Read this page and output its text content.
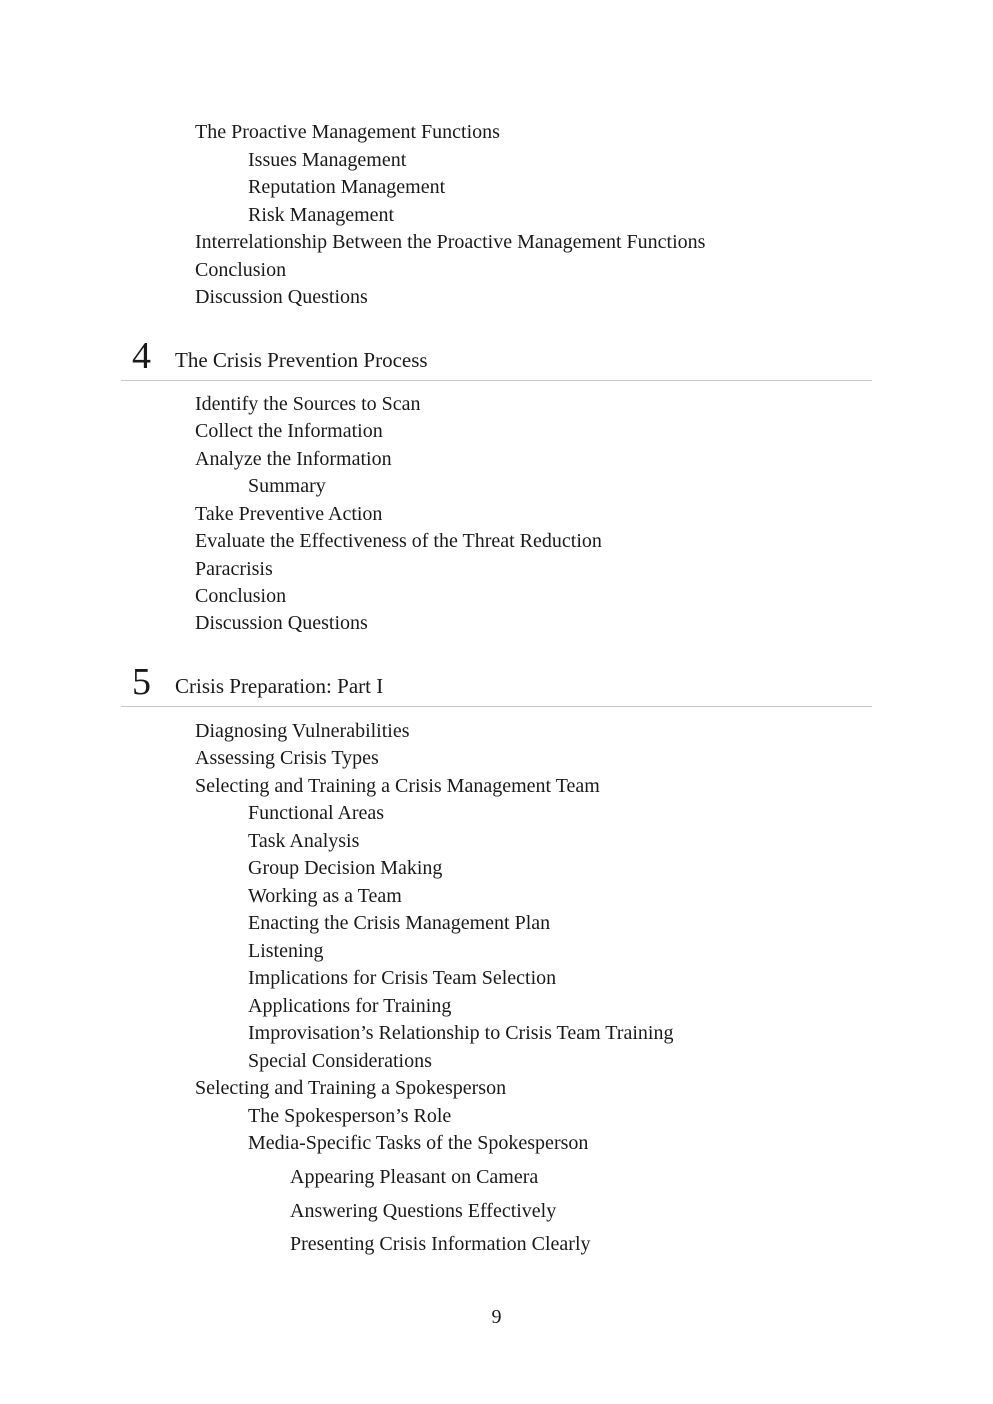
The Proactive Management Functions
Issues Management
Reputation Management
Risk Management
Interrelationship Between the Proactive Management Functions
Conclusion
Discussion Questions
4 The Crisis Prevention Process
Identify the Sources to Scan
Collect the Information
Analyze the Information
Summary
Take Preventive Action
Evaluate the Effectiveness of the Threat Reduction
Paracrisis
Conclusion
Discussion Questions
5 Crisis Preparation: Part I
Diagnosing Vulnerabilities
Assessing Crisis Types
Selecting and Training a Crisis Management Team
Functional Areas
Task Analysis
Group Decision Making
Working as a Team
Enacting the Crisis Management Plan
Listening
Implications for Crisis Team Selection
Applications for Training
Improvisation’s Relationship to Crisis Team Training
Special Considerations
Selecting and Training a Spokesperson
The Spokesperson’s Role
Media-Specific Tasks of the Spokesperson
Appearing Pleasant on Camera
Answering Questions Effectively
Presenting Crisis Information Clearly
9
